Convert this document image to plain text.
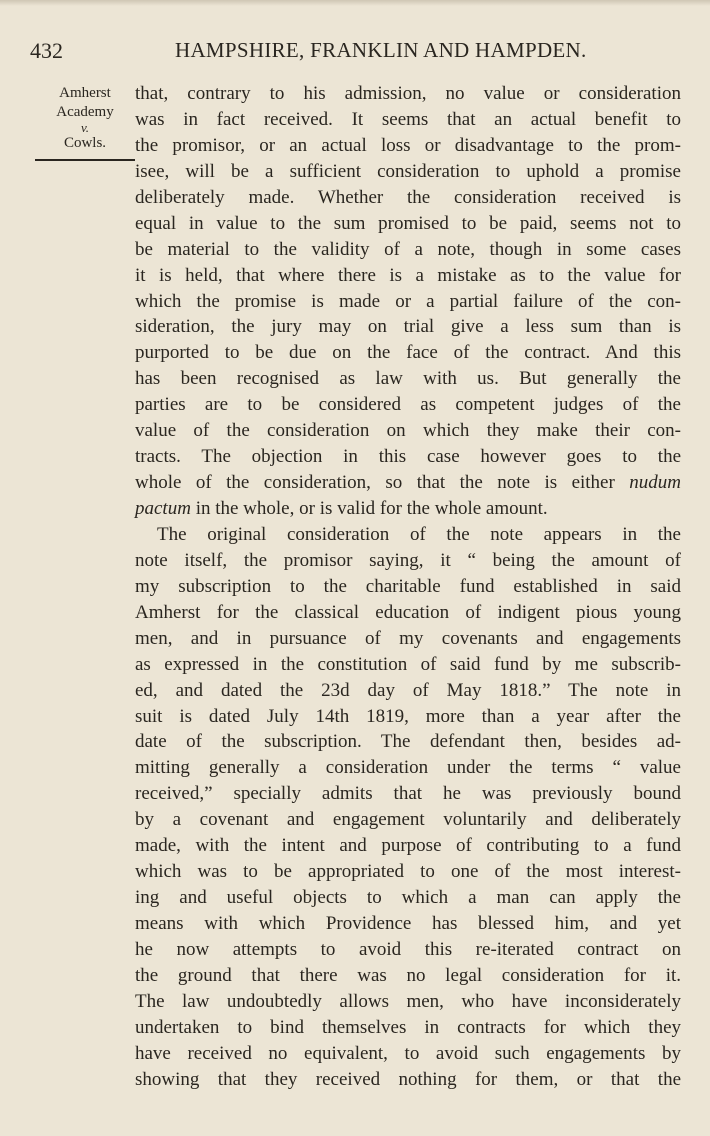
432	HAMPSHIRE, FRANKLIN AND HAMPDEN.
Amherst
Academy
v.
Cowls.
that, contrary to his admission, no value or consideration
was in fact received. It seems that an actual benefit to
the promisor, or an actual loss or disadvantage to the prom-
isee, will be a sufficient consideration to uphold a promise
deliberately made. Whether the consideration received is
equal in value to the sum promised to be paid, seems not to
be material to the validity of a note, though in some cases
it is held, that where there is a mistake as to the value for
which the promise is made or a partial failure of the con-
sideration, the jury may on trial give a less sum than is
purported to be due on the face of the contract. And this
has been recognised as law with us. But generally the
parties are to be considered as competent judges of the
value of the consideration on which they make their con-
tracts. The objection in this case however goes to the
whole of the consideration, so that the note is either nudum
pactum in the whole, or is valid for the whole amount.
The original consideration of the note appears in the
note itself, the promisor saying, it “ being the amount of
my subscription to the charitable fund established in said
Amherst for the classical education of indigent pious young
men, and in pursuance of my covenants and engagements
as expressed in the constitution of said fund by me subscrib-
ed, and dated the 23d day of May 1818.” The note in
suit is dated July 14th 1819, more than a year after the
date of the subscription. The defendant then, besides ad-
mitting generally a consideration under the terms “ value
received,” specially admits that he was previously bound
by a covenant and engagement voluntarily and deliberately
made, with the intent and purpose of contributing to a fund
which was to be appropriated to one of the most interest-
ing and useful objects to which a man can apply the
means with which Providence has blessed him, and yet
he now attempts to avoid this re-iterated contract on
the ground that there was no legal consideration for it.
The law undoubtedly allows men, who have inconsiderately
undertaken to bind themselves in contracts for which they
have received no equivalent, to avoid such engagements by
showing that they received nothing for them, or that the
